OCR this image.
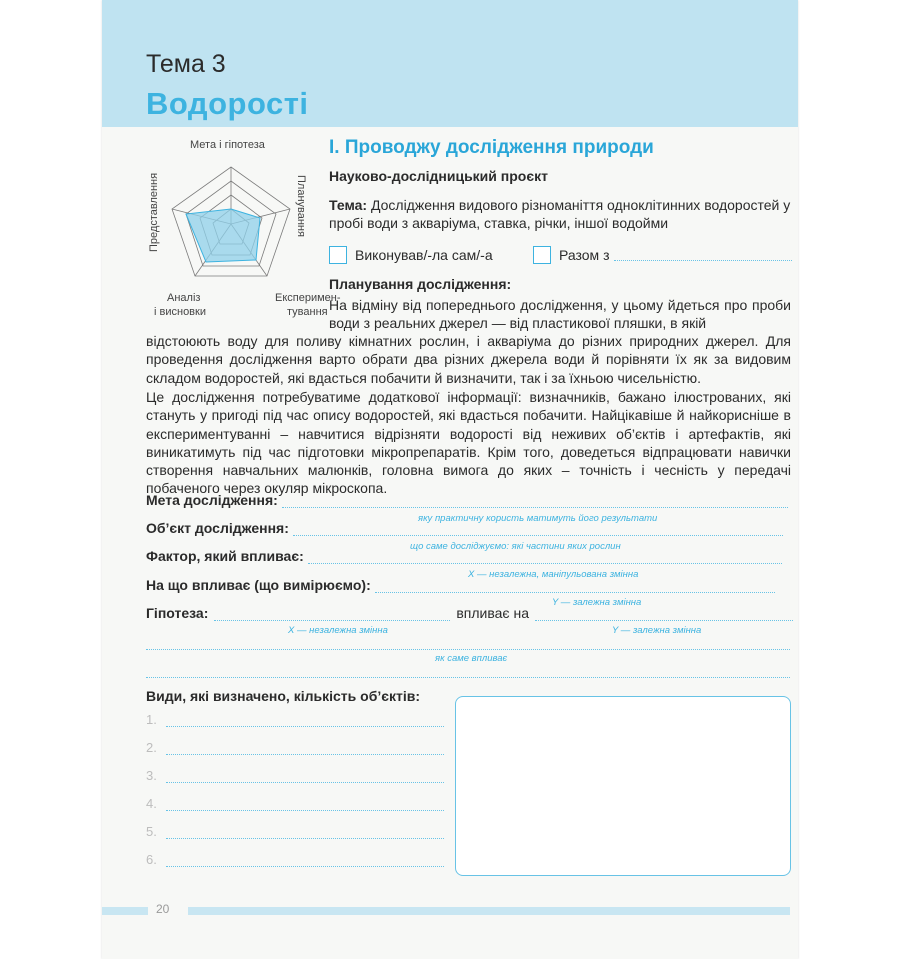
Тема 3
Водорості
Мета і гіпотеза
Планування
Експеримен-
тування
Аналіз
і висновки
Представлення
І. Проводжу дослідження природи
Науково-дослідницький проєкт
Тема: Дослідження видового різноманіття одноклітинних водоростей у пробі води з акваріума, ставка, річки, іншої водойми
Виконував/-ла сам/-а	Разом з
Планування дослідження:
На відміну від попереднього дослідження, у цьому йдеться про проби води з реальних джерел — від пластикової пляшки, в якій
відстоюють воду для поливу кімнатних рослин, і акваріума до різних природних джерел. Для проведення дослідження варто обрати два різних джерела води й порівняти їх як за видовим складом водоростей, які вдасться побачити й визначити, так і за їхньою чисельністю.
Це дослідження потребуватиме додаткової інформації: визначників, бажано ілюстрованих, які стануть у пригоді під час опису водоростей, які вдасться побачити. Найцікавіше й найкорисніше в експериментуванні – навчитися відрізняти водорості від неживих об’єктів і артефактів, які виникатимуть під час підготовки мікропрепаратів. Крім того, доведеться відпрацювати навички створення навчальних малюнків, головна вимога до яких – точність і чесність у передачі побаченого через окуляр мікроскопа.
Мета дослідження:
яку практичну користь матимуть його результати
Об’єкт дослідження:
що саме досліджуємо: які частини яких рослин
Фактор, який впливає:
X — незалежна, маніпульована змінна
На що впливає (що вимірюємо):
Y — залежна змінна
Гіпотеза:	впливає на
X — незалежна змінна	Y — залежна змінна
як саме впливає
Види, які визначено, кількість об’єктів:
1.
2.
3.
4.
5.
6.
20
